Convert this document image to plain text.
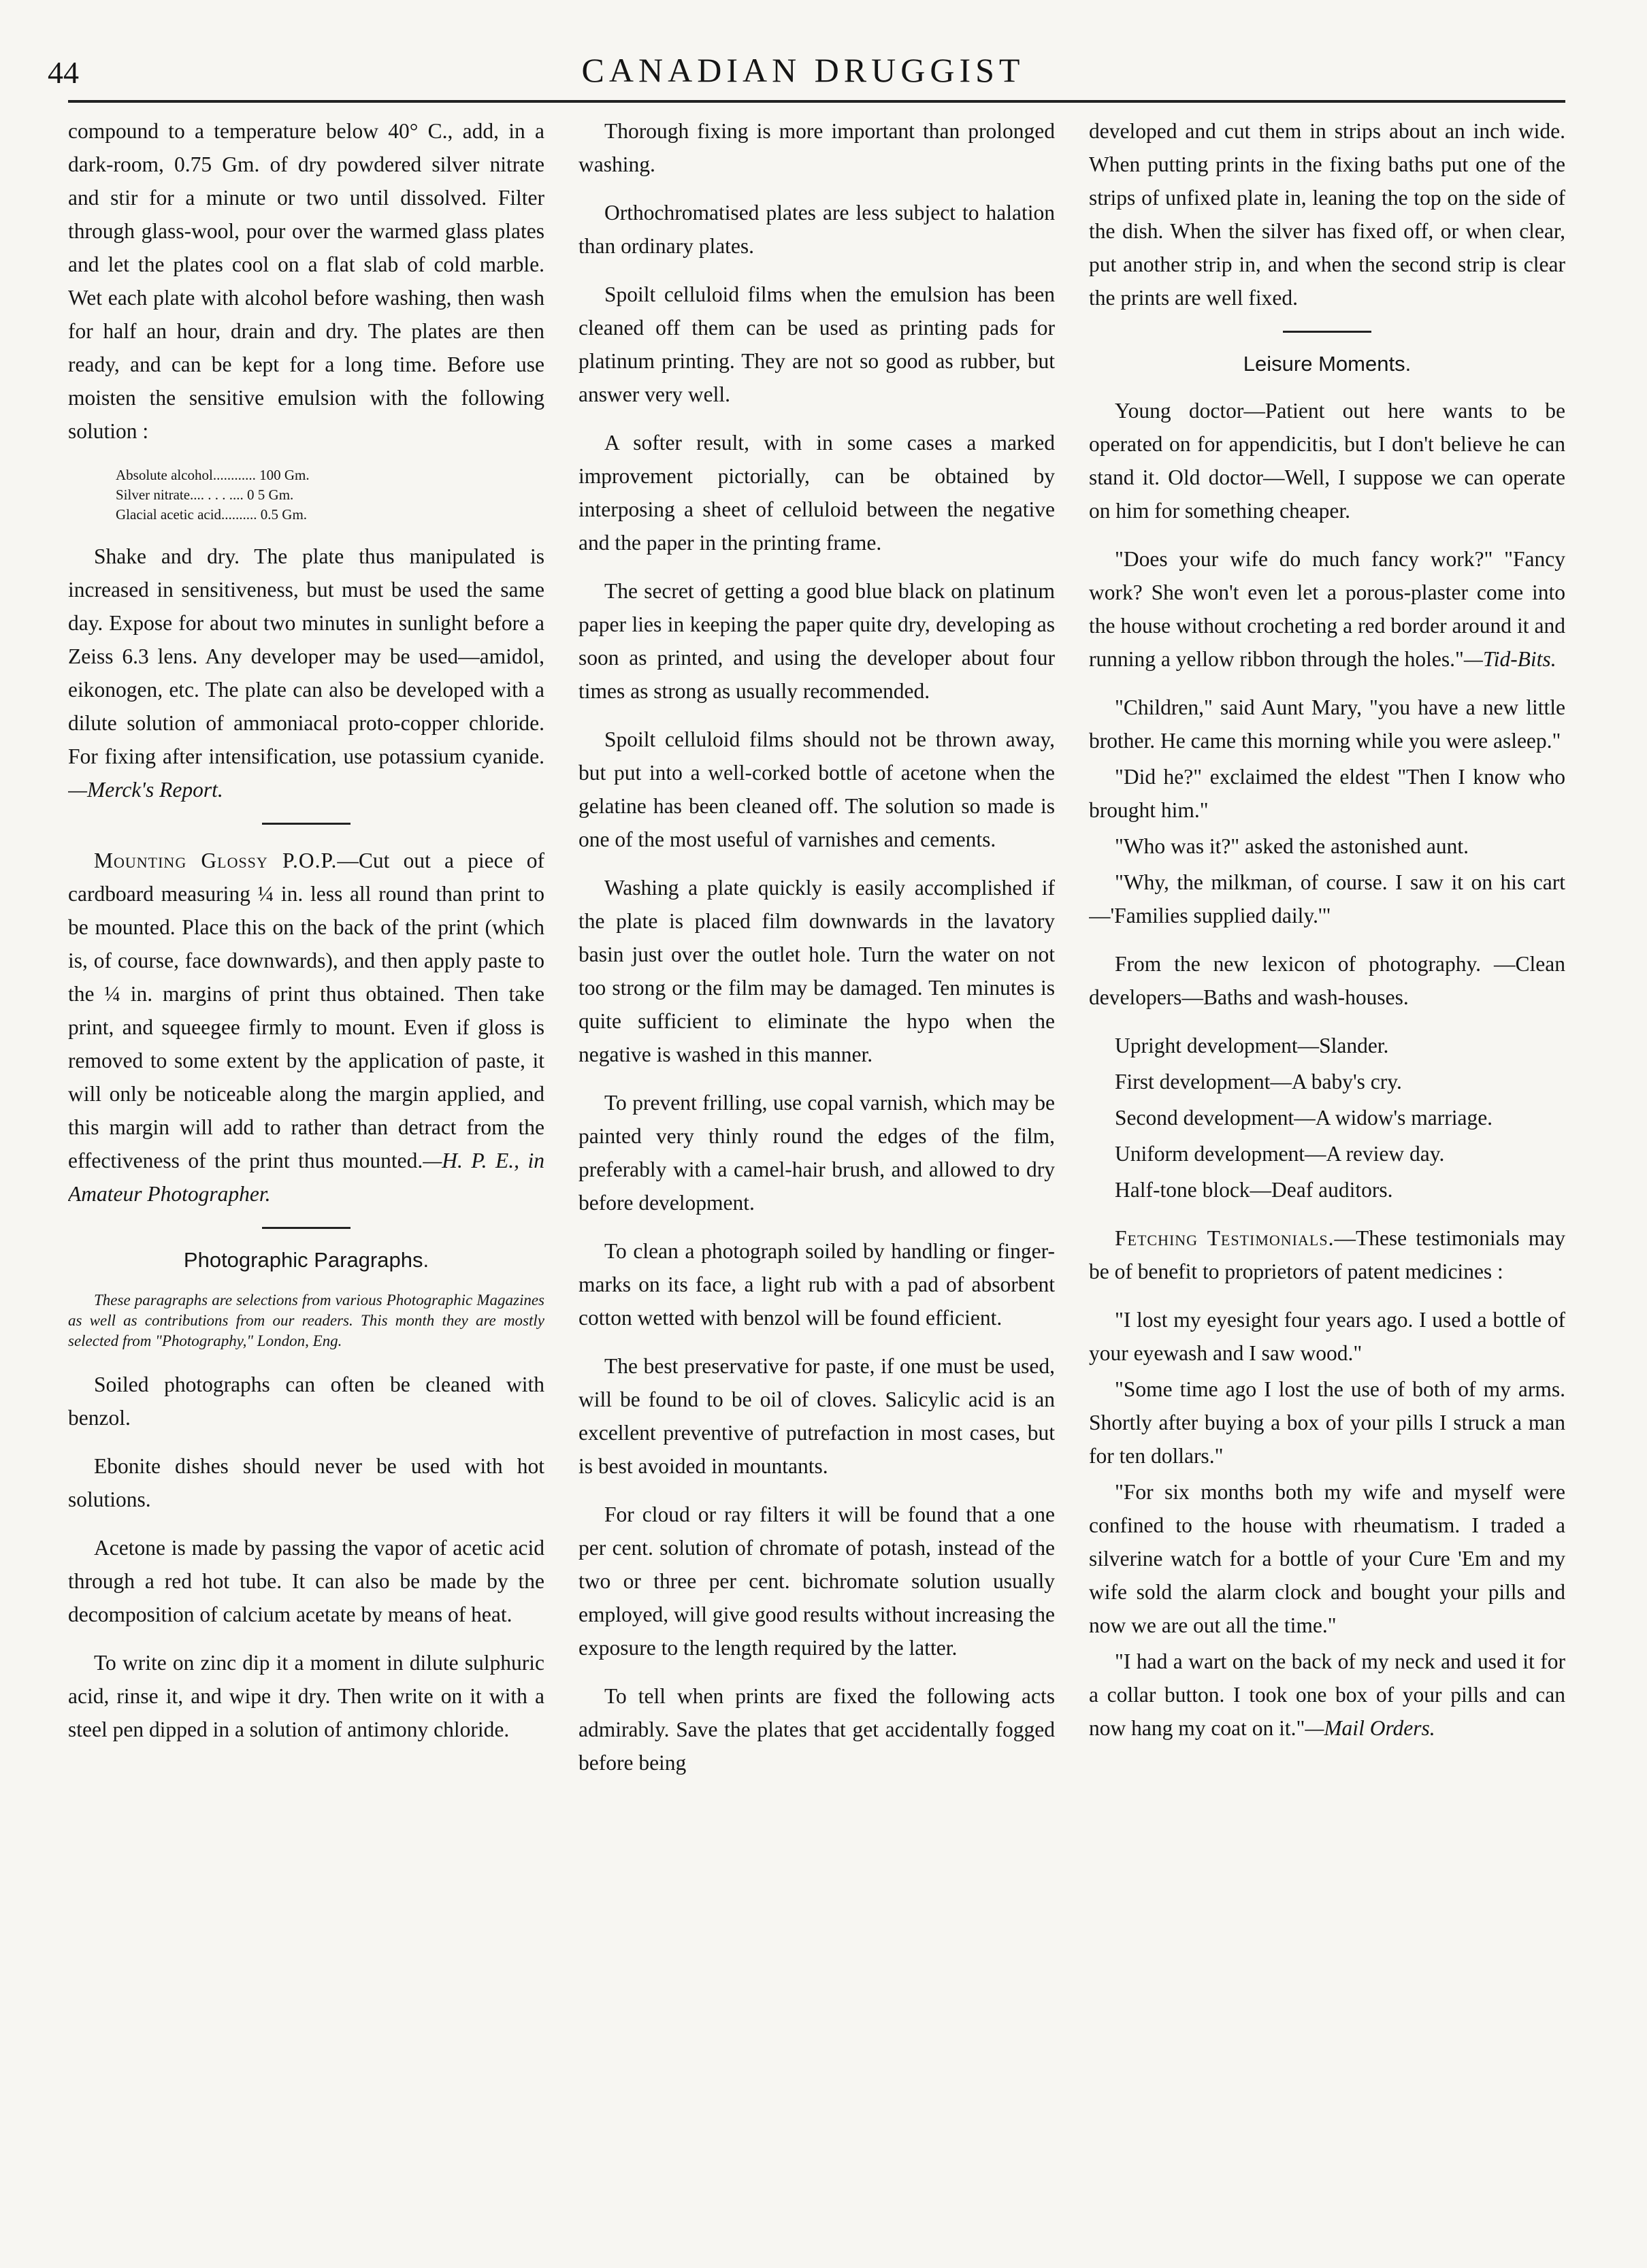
44	CANADIAN DRUGGIST

compound to a temperature below 40° C., add, in a dark-room, 0.75 Gm. of dry powdered silver nitrate and stir for a minute or two until dissolved. Filter through glass-wool, pour over the warmed glass plates and let the plates cool on a flat slab of cold marble. Wet each plate with alcohol before washing, then wash for half an hour, drain and dry. The plates are then ready, and can be kept for a long time. Before use moisten the sensitive emulsion with the following solution :

Absolute alcohol............ 100 Gm.
Silver nitrate.... . . . .... 0 5 Gm.
Glacial acetic acid.......... 0.5 Gm.

Shake and dry. The plate thus manipulated is increased in sensitiveness, but must be used the same day. Expose for about two minutes in sunlight before a Zeiss 6.3 lens. Any developer may be used—amidol, eikonogen, etc. The plate can also be developed with a dilute solution of ammoniacal proto-copper chloride. For fixing after intensification, use potassium cyanide.—Merck's Report.

Mounting Glossy P.O.P.—Cut out a piece of cardboard measuring ¼ in. less all round than print to be mounted. Place this on the back of the print (which is, of course, face downwards), and then apply paste to the ¼ in. margins of print thus obtained. Then take print, and squeegee firmly to mount. Even if gloss is removed to some extent by the application of paste, it will only be noticeable along the margin applied, and this margin will add to rather than detract from the effectiveness of the print thus mounted.—H. P. E., in Amateur Photographer.

Photographic Paragraphs.
These paragraphs are selections from various Photographic Magazines as well as contributions from our readers. This month they are mostly selected from "Photography," London, Eng.

Soiled photographs can often be cleaned with benzol.

Ebonite dishes should never be used with hot solutions.

Acetone is made by passing the vapor of acetic acid through a red hot tube. It can also be made by the decomposition of calcium acetate by means of heat.

To write on zinc dip it a moment in dilute sulphuric acid, rinse it, and wipe it dry. Then write on it with a steel pen dipped in a solution of antimony chloride.

Thorough fixing is more important than prolonged washing.

Orthochromatised plates are less subject to halation than ordinary plates.

Spoilt celluloid films when the emulsion has been cleaned off them can be used as printing pads for platinum printing. They are not so good as rubber, but answer very well.

A softer result, with in some cases a marked improvement pictorially, can be obtained by interposing a sheet of celluloid between the negative and the paper in the printing frame.

The secret of getting a good blue black on platinum paper lies in keeping the paper quite dry, developing as soon as printed, and using the developer about four times as strong as usually recommended.

Spoilt celluloid films should not be thrown away, but put into a well-corked bottle of acetone when the gelatine has been cleaned off. The solution so made is one of the most useful of varnishes and cements.

Washing a plate quickly is easily accomplished if the plate is placed film downwards in the lavatory basin just over the outlet hole. Turn the water on not too strong or the film may be damaged. Ten minutes is quite sufficient to eliminate the hypo when the negative is washed in this manner.

To prevent frilling, use copal varnish, which may be painted very thinly round the edges of the film, preferably with a camel-hair brush, and allowed to dry before development.

To clean a photograph soiled by handling or finger-marks on its face, a light rub with a pad of absorbent cotton wetted with benzol will be found efficient.

The best preservative for paste, if one must be used, will be found to be oil of cloves. Salicylic acid is an excellent preventive of putrefaction in most cases, but is best avoided in mountants.

For cloud or ray filters it will be found that a one per cent. solution of chromate of potash, instead of the two or three per cent. bichromate solution usually employed, will give good results without increasing the exposure to the length required by the latter.

To tell when prints are fixed the following acts admirably. Save the plates that get accidentally fogged before being

developed and cut them in strips about an inch wide. When putting prints in the fixing baths put one of the strips of unfixed plate in, leaning the top on the side of the dish. When the silver has fixed off, or when clear, put another strip in, and when the second strip is clear the prints are well fixed.

Leisure Moments.

Young doctor—Patient out here wants to be operated on for appendicitis, but I don't believe he can stand it. Old doctor—Well, I suppose we can operate on him for something cheaper.

"Does your wife do much fancy work?" "Fancy work? She won't even let a porous-plaster come into the house without crocheting a red border around it and running a yellow ribbon through the holes."—Tid-Bits.

"Children," said Aunt Mary, "you have a new little brother. He came this morning while you were asleep."

"Did he?" exclaimed the eldest "Then I know who brought him."

"Who was it?" asked the astonished aunt.

"Why, the milkman, of course. I saw it on his cart—'Families supplied daily.'"

From the new lexicon of photography. —Clean developers—Baths and wash-houses.

Upright development—Slander.

First development—A baby's cry.

Second development—A widow's marriage.

Uniform development—A review day.

Half-tone block—Deaf auditors.

Fetching Testimonials.—These testimonials may be of benefit to proprietors of patent medicines :

"I lost my eyesight four years ago. I used a bottle of your eyewash and I saw wood."

"Some time ago I lost the use of both of my arms. Shortly after buying a box of your pills I struck a man for ten dollars."

"For six months both my wife and myself were confined to the house with rheumatism. I traded a silverine watch for a bottle of your Cure 'Em and my wife sold the alarm clock and bought your pills and now we are out all the time."

"I had a wart on the back of my neck and used it for a collar button. I took one box of your pills and can now hang my coat on it."—Mail Orders.
